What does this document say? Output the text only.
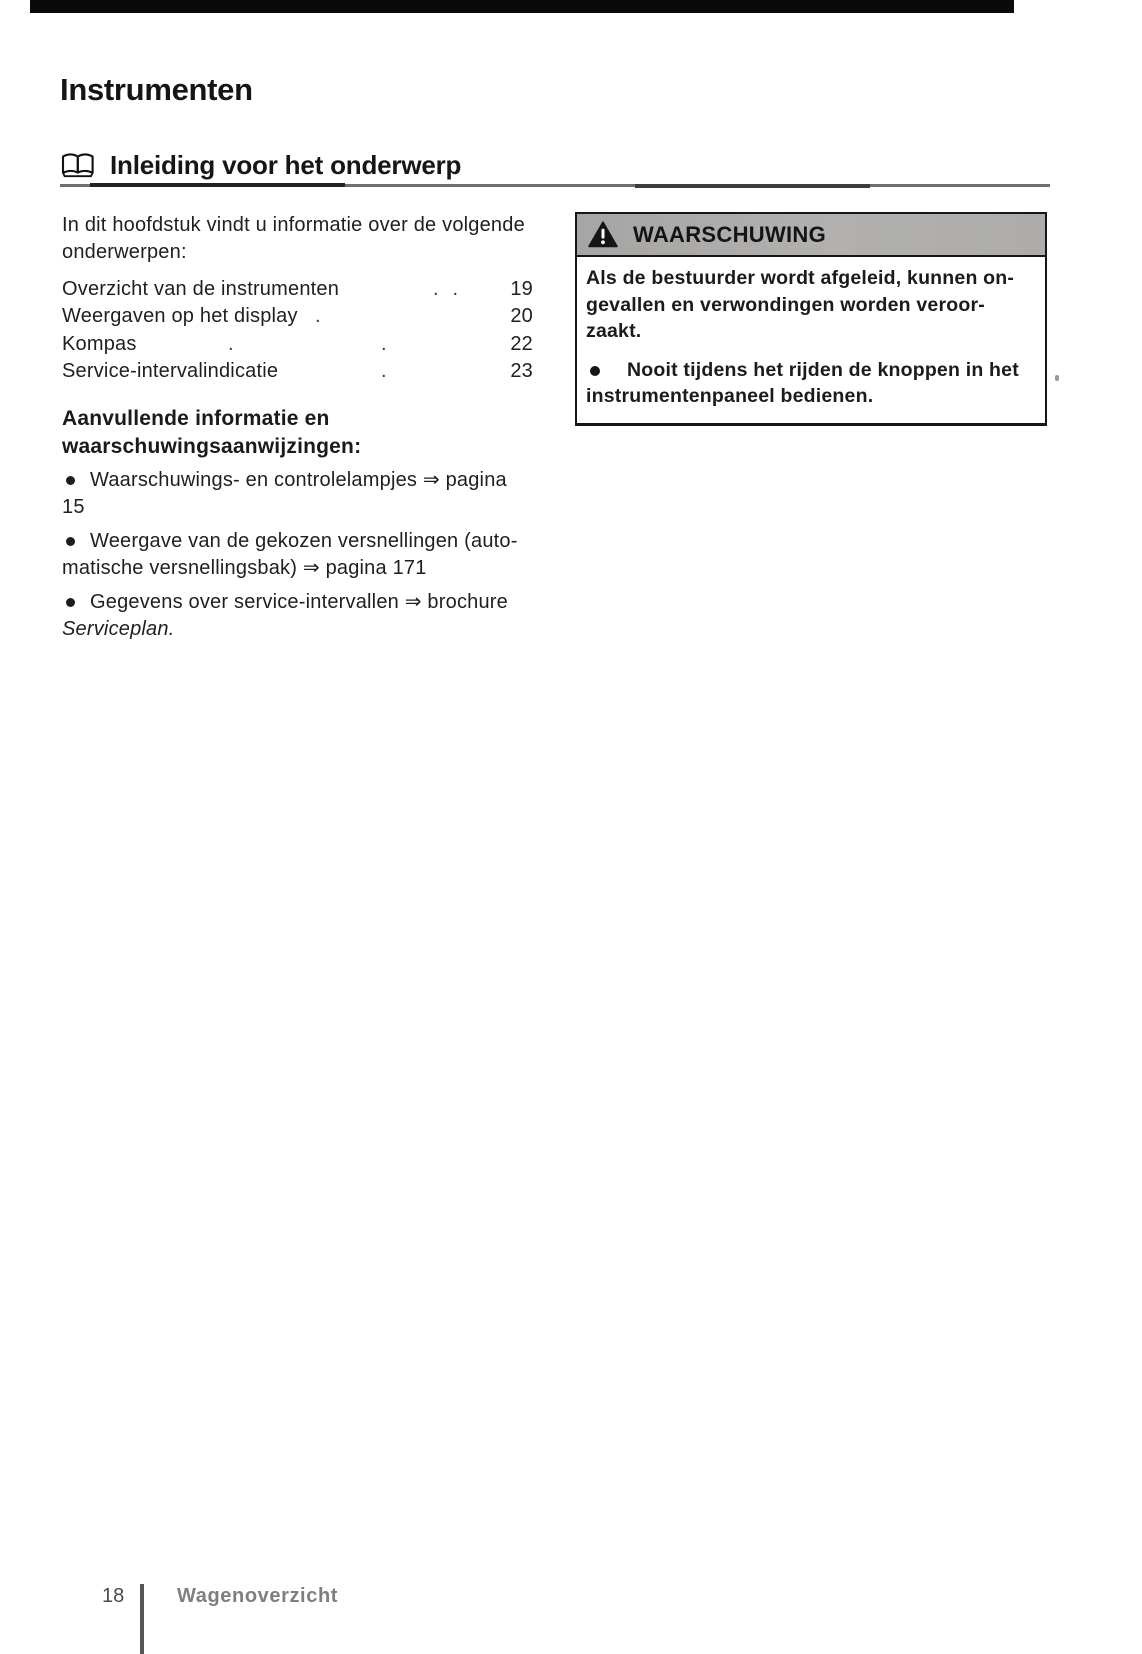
Instrumenten
Inleiding voor het onderwerp
In dit hoofdstuk vindt u informatie over de volgende
onderwerpen:
Overzicht van de instrumenten	. .	19
Weergaven op het display .	20
Kompas	.	.	22
Service-intervalindicatie	.	23
Aanvullende informatie en
waarschuwingsaanwijzingen:
Waarschuwings- en controlelampjes ⇒ pagina
15
Weergave van de gekozen versnellingen (auto-
matische versnellingsbak) ⇒ pagina 171
Gegevens over service-intervallen ⇒ brochure
Serviceplan.
WAARSCHUWING
Als de bestuurder wordt afgeleid, kunnen on-
gevallen en verwondingen worden veroor-
zaakt.
Nooit tijdens het rijden de knoppen in het
instrumentenpaneel bedienen.
18	Wagenoverzicht
